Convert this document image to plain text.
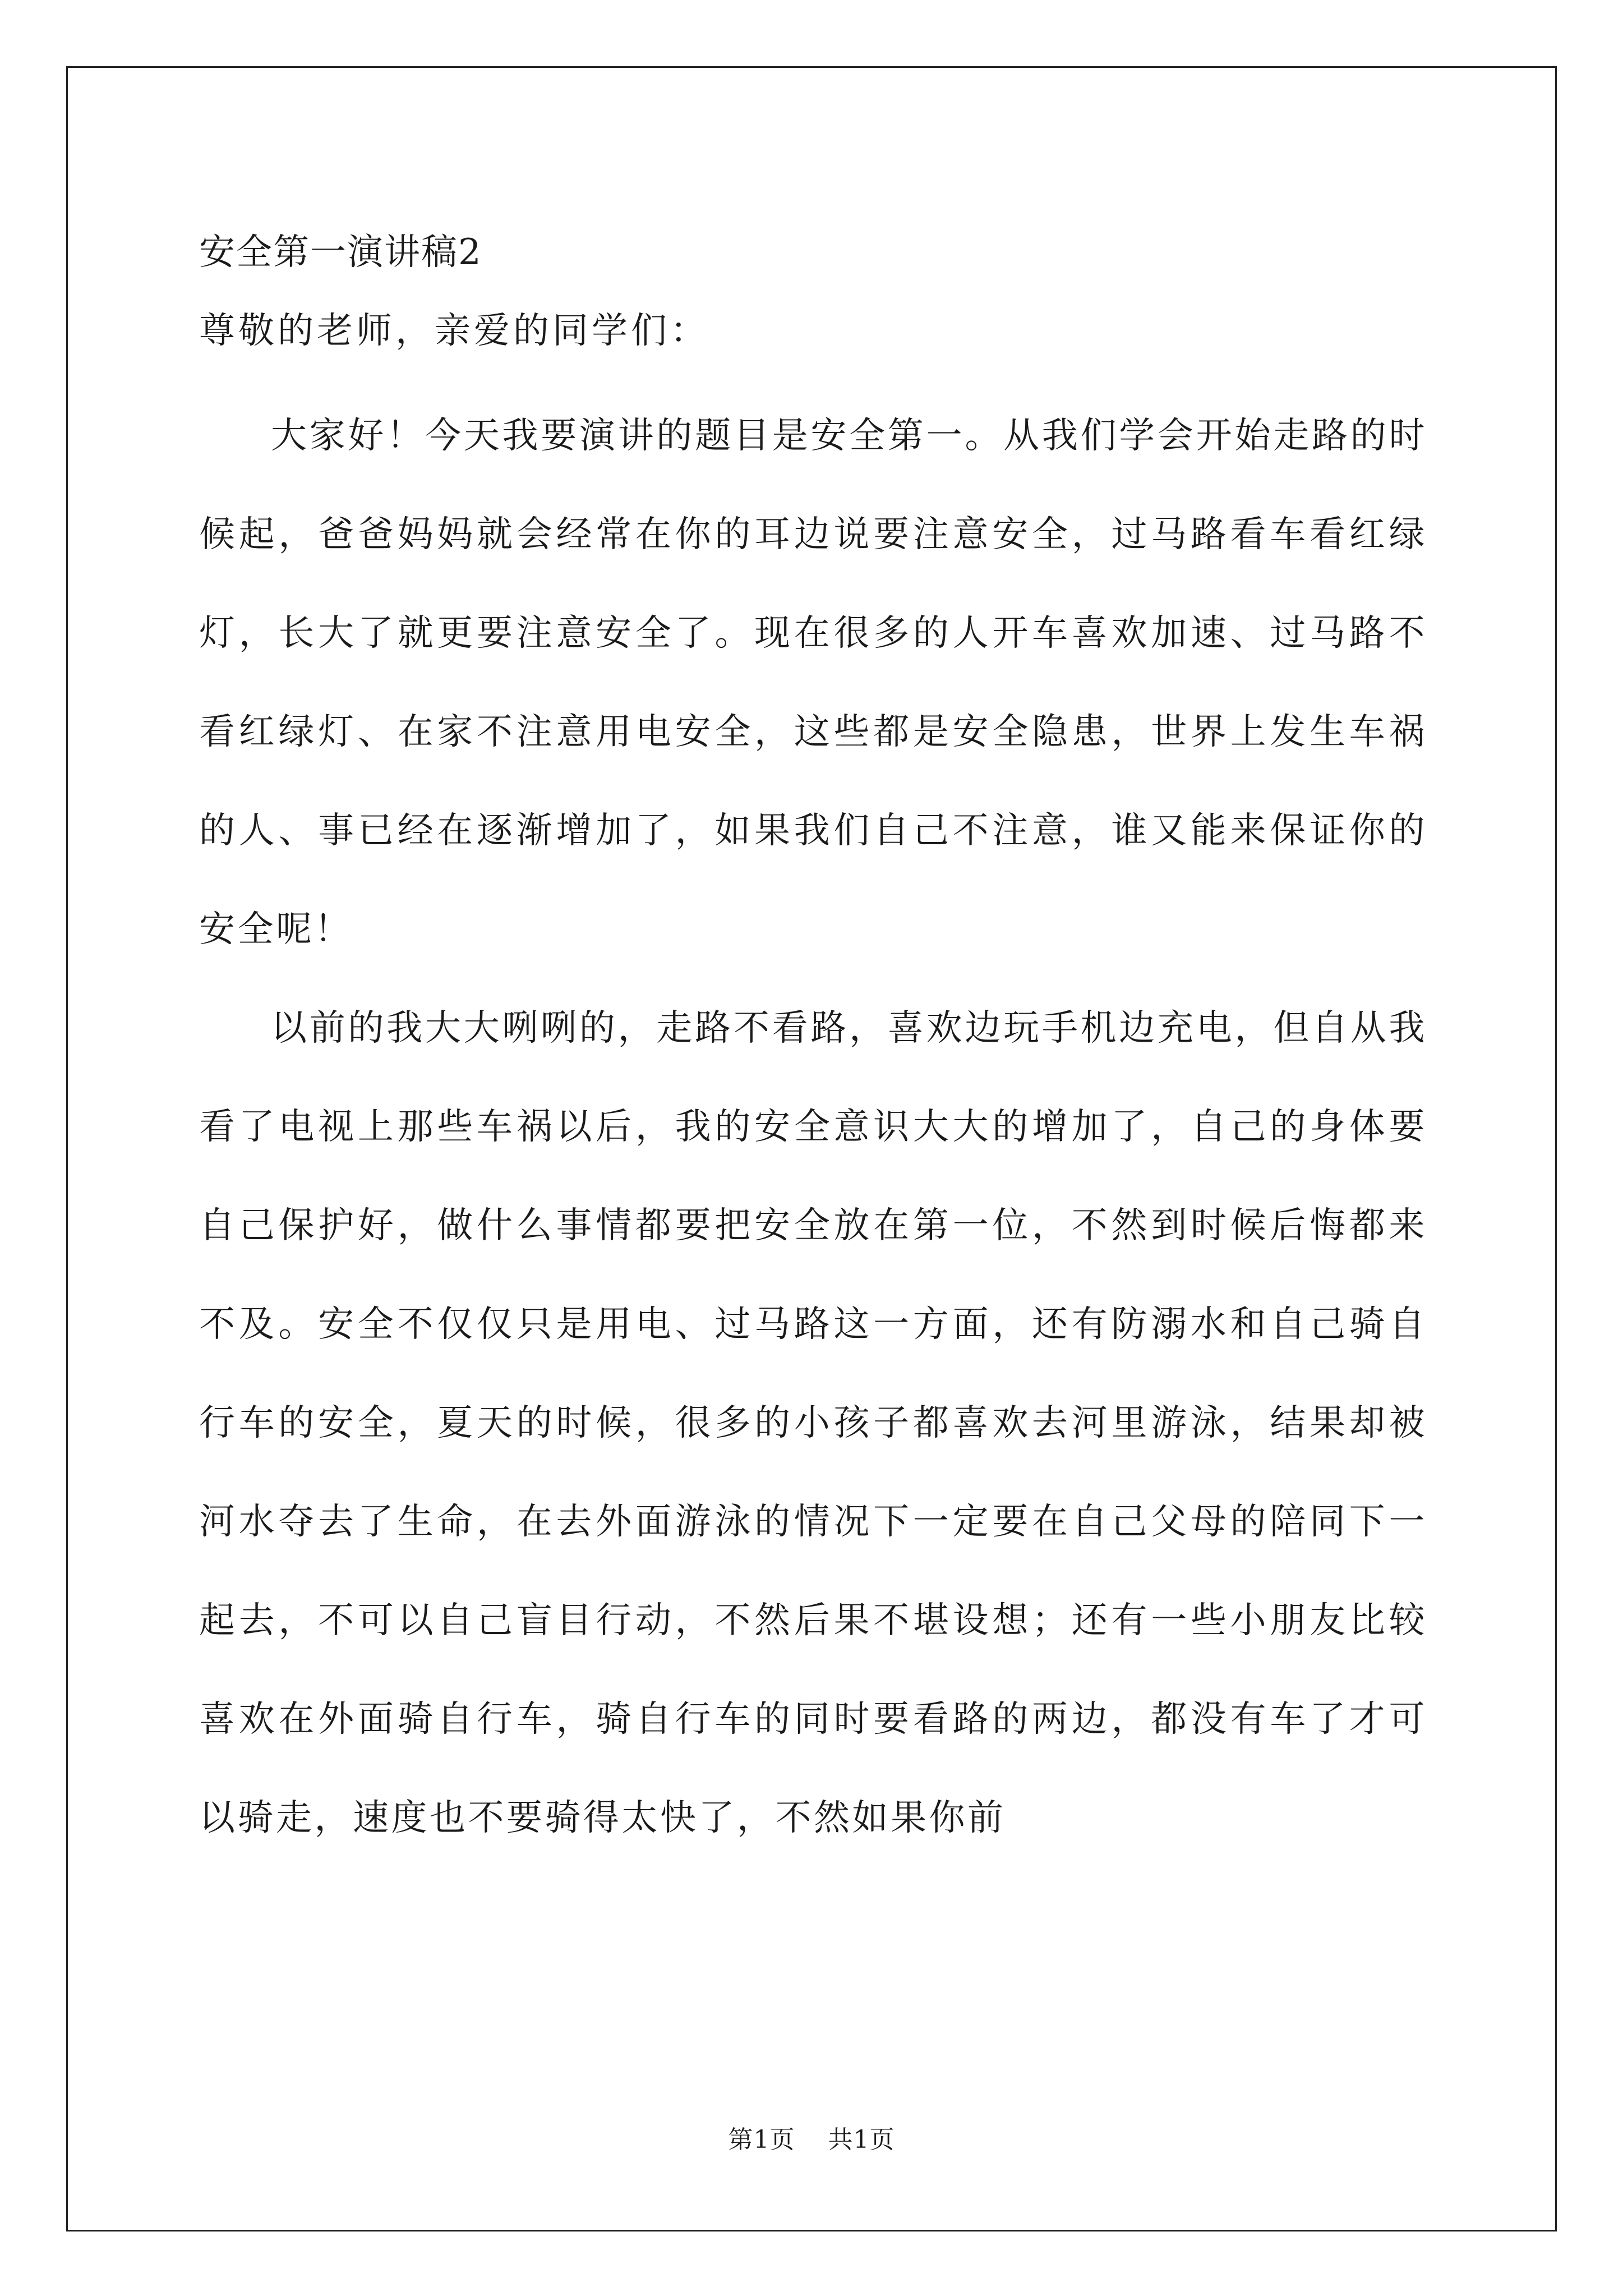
安全第一演讲稿2

尊敬的老师，亲爱的同学们：

大家好！今天我要演讲的题目是安全第一。从我们学会开始走路的时候起，爸爸妈妈就会经常在你的耳边说要注意安全，过马路看车看红绿灯，长大了就更要注意安全了。现在很多的人开车喜欢加速、过马路不看红绿灯、在家不注意用电安全，这些都是安全隐患，世界上发生车祸的人、事已经在逐渐增加了，如果我们自己不注意，谁又能来保证你的安全呢！

以前的我大大咧咧的，走路不看路，喜欢边玩手机边充电，但自从我看了电视上那些车祸以后，我的安全意识大大的增加了，自己的身体要自己保护好，做什么事情都要把安全放在第一位，不然到时候后悔都来不及。安全不仅仅只是用电、过马路这一方面，还有防溺水和自己骑自行车的安全，夏天的时候，很多的小孩子都喜欢去河里游泳，结果却被河水夺去了生命，在去外面游泳的情况下一定要在自己父母的陪同下一起去，不可以自己盲目行动，不然后果不堪设想；还有一些小朋友比较喜欢在外面骑自行车，骑自行车的同时要看路的两边，都没有车了才可以骑走，速度也不要骑得太快了，不然如果你前

第1页 共1页
